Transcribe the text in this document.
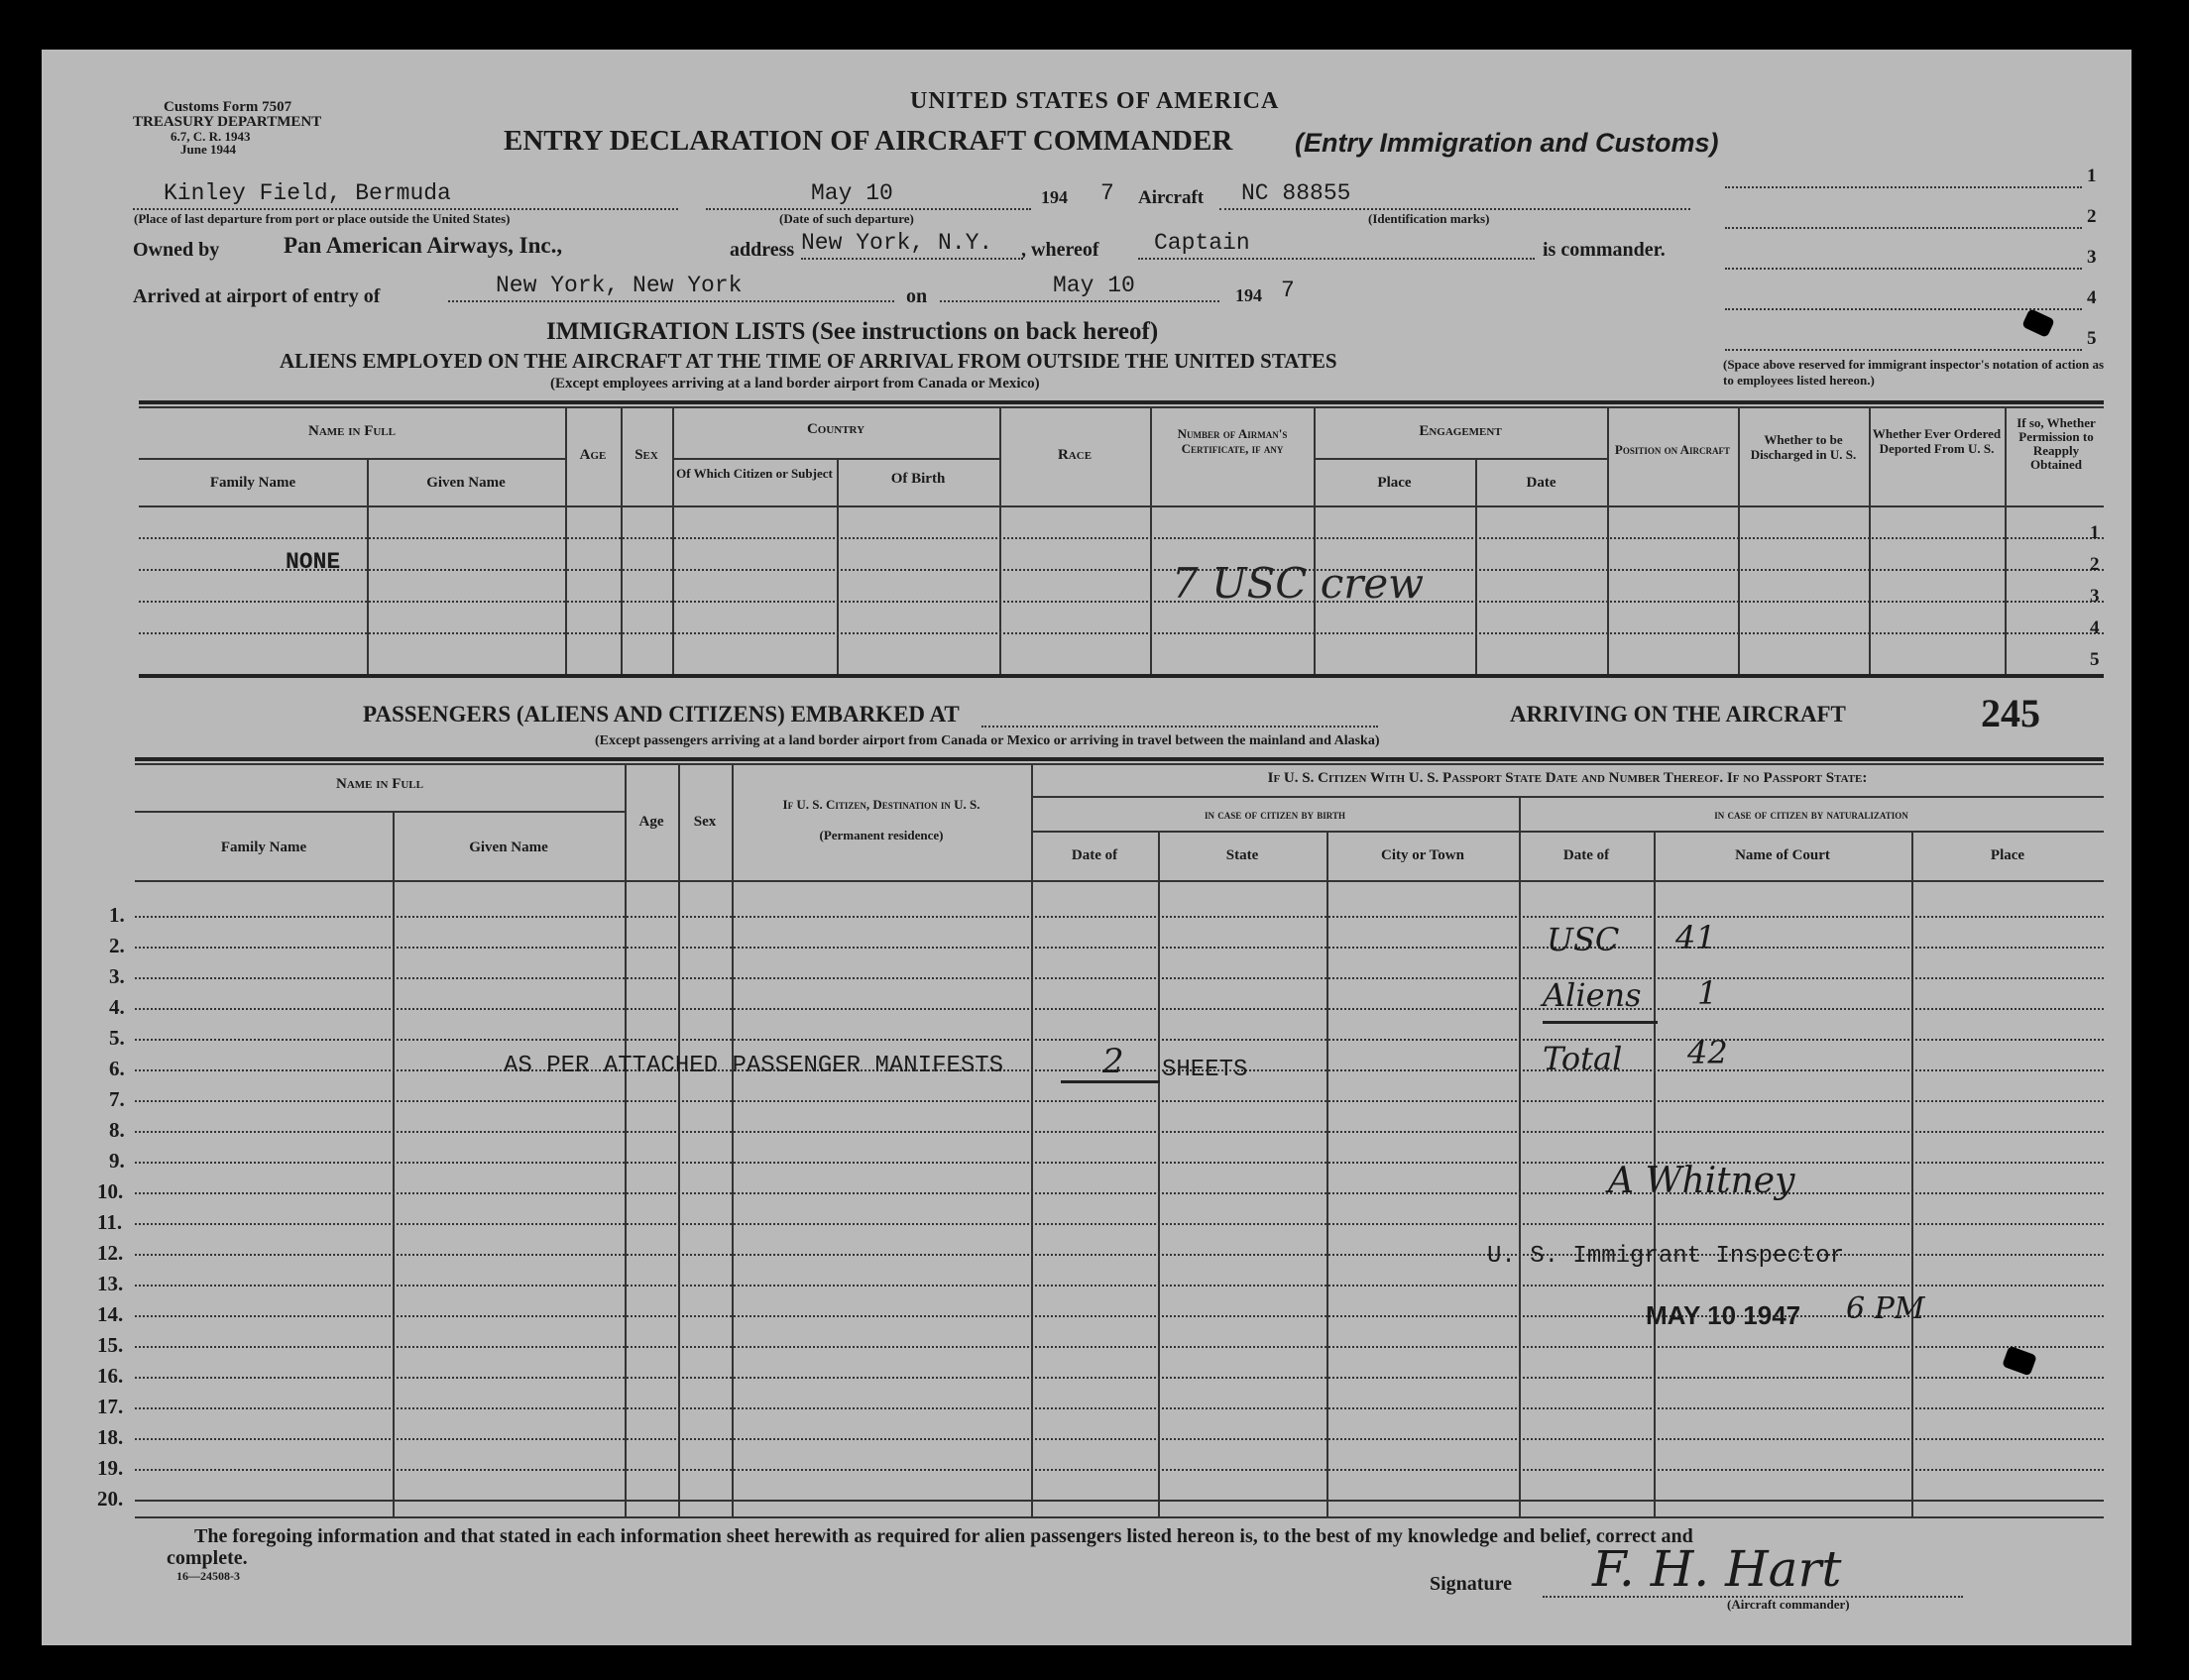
Customs Form 7507
TREASURY DEPARTMENT
6.7, C. R. 1943
June 1944
UNITED STATES OF AMERICA
ENTRY DECLARATION OF AIRCRAFT COMMANDER (Entry Immigration and Customs)
Kinley Field, Bermuda
(Place of last departure from port or place outside the United States)
May 10
(Date of such departure)
194 7 Aircraft NC 88855
(Identification marks)
Owned by	Pan American Airways, Inc.,	address New York, N.Y. , whereof Captain	is commander.
Arrived at airport of entry of	New York, New York	on	May 10	194 7
1
2
3
4
5
(Space above reserved for immigrant inspector's notation of action as to employees listed hereon.)
IMMIGRATION LISTS (See instructions on back hereof)
ALIENS EMPLOYED ON THE AIRCRAFT AT THE TIME OF ARRIVAL FROM OUTSIDE THE UNITED STATES
(Except employees arriving at a land border airport from Canada or Mexico)
Name in Full
Family Name	Given Name
Age	Sex
Country
Of Which Citizen or Subject	Of Birth
Race
Number of Airman's Certificate, if any
Engagement
Place	Date
Position on Aircraft
Whether to be Discharged in U. S.
Whether Ever Ordered Deported From U. S.
If so, Whether Permission to Reapply Obtained
1
2
3
4
5
NONE	7 USC crew
PASSENGERS (ALIENS AND CITIZENS) EMBARKED AT	ARRIVING ON THE AIRCRAFT	245
(Except passengers arriving at a land border airport from Canada or Mexico or arriving in travel between the mainland and Alaska)
Name in Full
Family Name	Given Name
Age	Sex
If U. S. Citizen, Destination in U. S.
(Permanent residence)
If U. S. Citizen With U. S. Passport State Date and Number Thereof. If no Passport State:
in case of citizen by birth	in case of citizen by naturalization
Date of	State	City or Town	Date of	Name of Court	Place
1.
2.
3.
4.
5.
6.
7.
8.
9.
10.
11.
12.
13.
14.
15.
16.
17.
18.
19.
20.
AS PER ATTACHED PASSENGER MANIFESTS	2 SHEETS
USC 41
Aliens 1
Total 42
A Whitney
U. S. Immigrant Inspector
MAY 10 1947 6 PM
The foregoing information and that stated in each information sheet herewith as required for alien passengers listed hereon is, to the best of my knowledge and belief, correct and
complete.
16—24508-3	Signature F. H. Hart
(Aircraft commander)
